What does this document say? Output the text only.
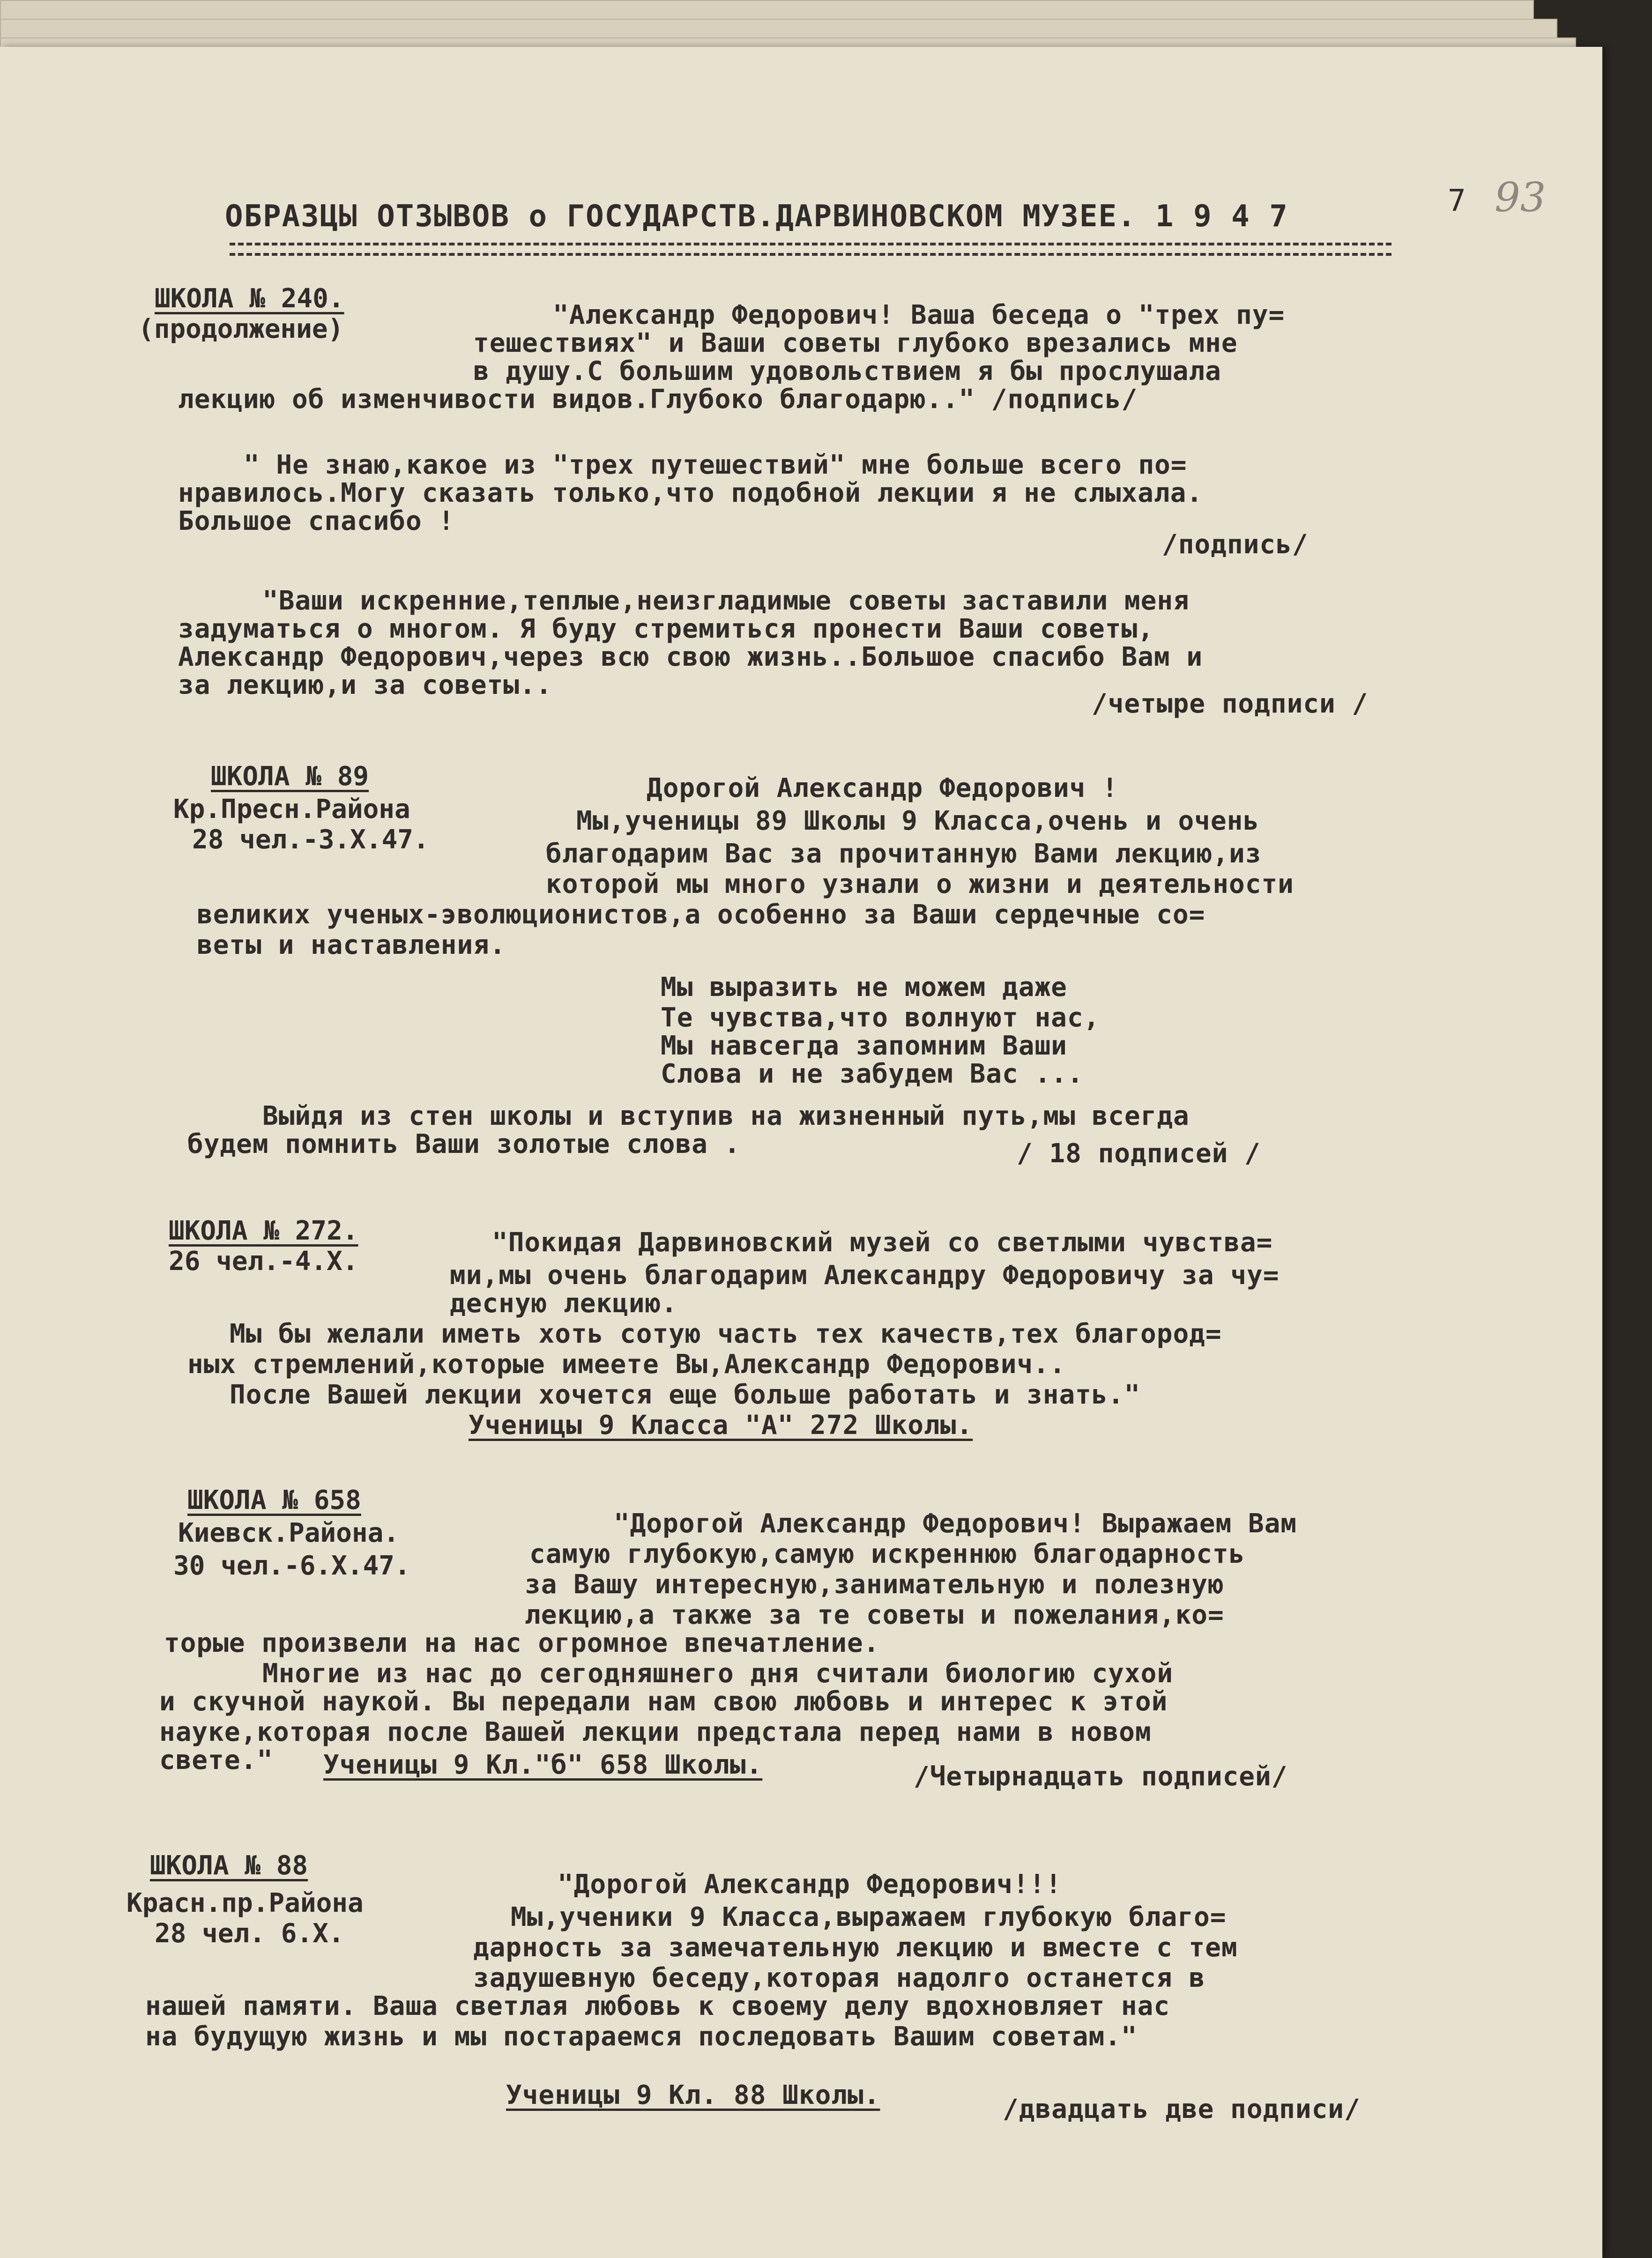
7 93
ОБРАЗЦЫ ОТЗЫВОВ о ГОСУДАРСТВ.ДАРВИНОВСКОМ МУЗЕЕ. 1 9 4 7
ШКОЛА № 240.
(продолжение)	"Александр Федорович! Ваша беседа о "трех пу=
тешествиях" и Ваши советы глубоко врезались мне
в душу.С большим удовольствием я бы прослушала
лекцию об изменчивости видов.Глубоко благодарю.." /подпись/
" Не знаю,какое из "трех путешествий" мне больше всего по=
нравилось.Могу сказать только,что подобной лекции я не слыхала.
Большое спасибо !
/подпись/
"Ваши искренние,теплые,неизгладимые советы заставили меня
задуматься о многом. Я буду стремиться пронести Ваши советы,
Александр Федорович,через всю свою жизнь..Большое спасибо Вам и
за лекцию,и за советы..
/четыре подписи /
ШКОЛА № 89
Кр.Пресн.Района
28 чел.-3.Х.47.
Дорогой Александр Федорович !
Мы,ученицы 89 Школы 9 Класса,очень и очень
благодарим Вас за прочитанную Вами лекцию,из
которой мы много узнали о жизни и деятельности
великих ученых-эволюционистов,а особенно за Ваши сердечные со=
веты и наставления.
Мы выразить не можем даже
Те чувства,что волнуют нас,
Мы навсегда запомним Ваши
Слова и не забудем Вас ...
Выйдя из стен школы и вступив на жизненный путь,мы всегда
будем помнить Ваши золотые слова .	/ 18 подписей /
ШКОЛА № 272.
26 чел.-4.Х.
"Покидая Дарвиновский музей со светлыми чувства=
ми,мы очень благодарим Александру Федоровичу за чу=
десную лекцию.
Мы бы желали иметь хоть сотую часть тех качеств,тех благород=
ных стремлений,которые имеете Вы,Александр Федорович..
После Вашей лекции хочется еще больше работать и знать."
Ученицы 9 Класса "А" 272 Школы.
ШКОЛА № 658
Киевск.Района.
30 чел.-6.Х.47.
"Дорогой Александр Федорович! Выражаем Вам
самую глубокую,самую искреннюю благодарность
за Вашу интересную,занимательную и полезную
лекцию,а также за те советы и пожелания,ко=
торые произвели на нас огромное впечатление.
Многие из нас до сегодняшнего дня считали биологию сухой
и скучной наукой. Вы передали нам свою любовь и интерес к этой
науке,которая после Вашей лекции предстала перед нами в новом
свете." Ученицы 9 Кл."б" 658 Школы.	/Четырнадцать подписей/
ШКОЛА № 88
Красн.пр.Района
28 чел. 6.Х.
"Дорогой Александр Федорович!!!
Мы,ученики 9 Класса,выражаем глубокую благо=
дарность за замечательную лекцию и вместе с тем
задушевную беседу,которая надолго останется в
нашей памяти. Ваша светлая любовь к своему делу вдохновляет нас
на будущую жизнь и мы постараемся последовать Вашим советам."
Ученицы 9 Кл. 88 Школы.	/двадцать две подписи/
